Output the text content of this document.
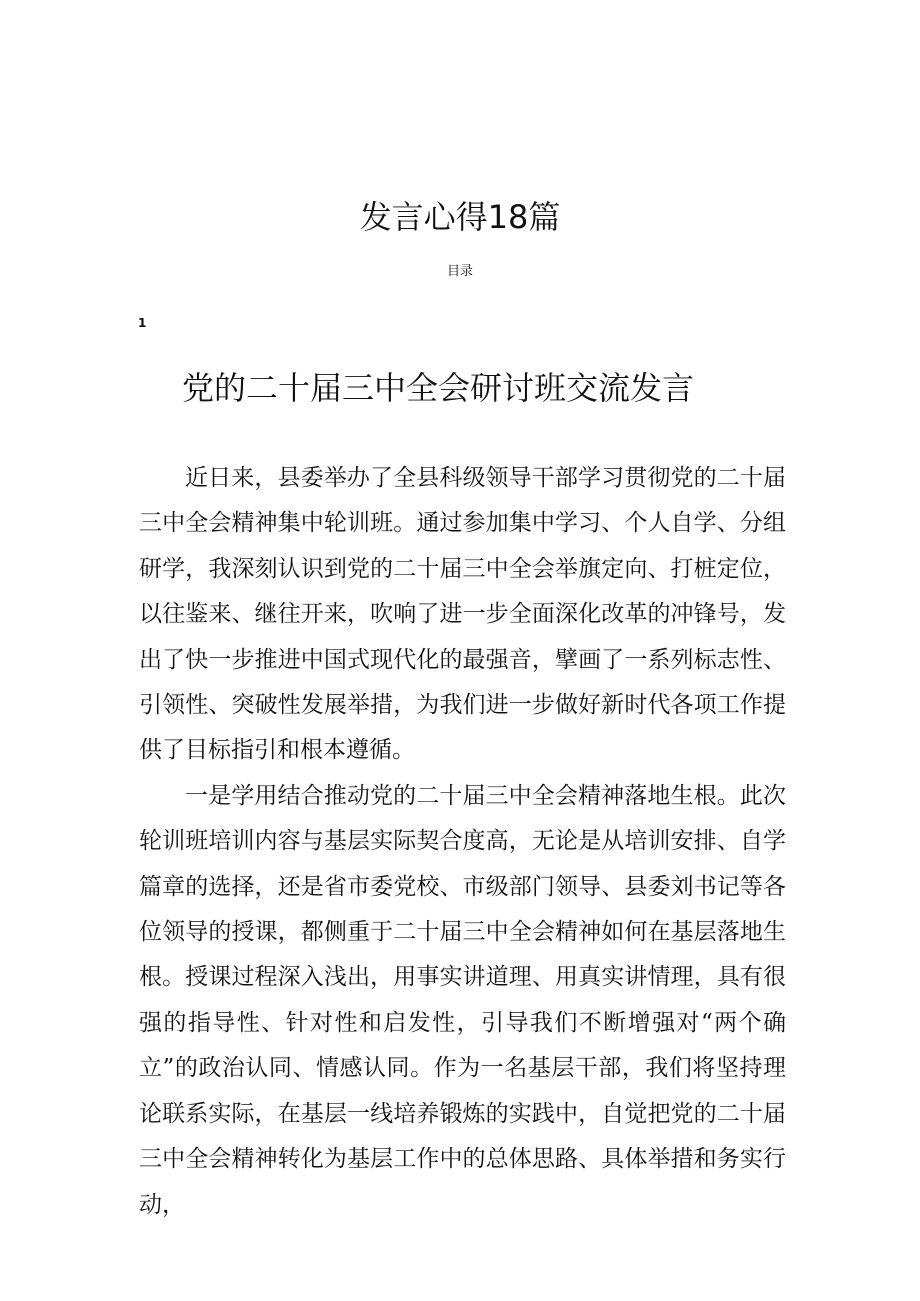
发言心得18篇
目录
1
党的二十届三中全会研讨班交流发言

近日来，县委举办了全县科级领导干部学习贯彻党的二十届三中全会精神集中轮训班。通过参加集中学习、个人自学、分组研学，我深刻认识到党的二十届三中全会举旗定向、打桩定位，以往鉴来、继往开来，吹响了进一步全面深化改革的冲锋号，发出了快一步推进中国式现代化的最强音，擘画了一系列标志性、引领性、突破性发展举措，为我们进一步做好新时代各项工作提供了目标指引和根本遵循。

一是学用结合推动党的二十届三中全会精神落地生根。此次轮训班培训内容与基层实际契合度高，无论是从培训安排、自学篇章的选择，还是省市委党校、市级部门领导、县委刘书记等各位领导的授课，都侧重于二十届三中全会精神如何在基层落地生根。授课过程深入浅出，用事实讲道理、用真实讲情理，具有很强的指导性、针对性和启发性，引导我们不断增强对“两个确立”的政治认同、情感认同。作为一名基层干部，我们将坚持理论联系实际，在基层一线培养锻炼的实践中，自觉把党的二十届三中全会精神转化为基层工作中的总体思路、具体举措和务实行动，
